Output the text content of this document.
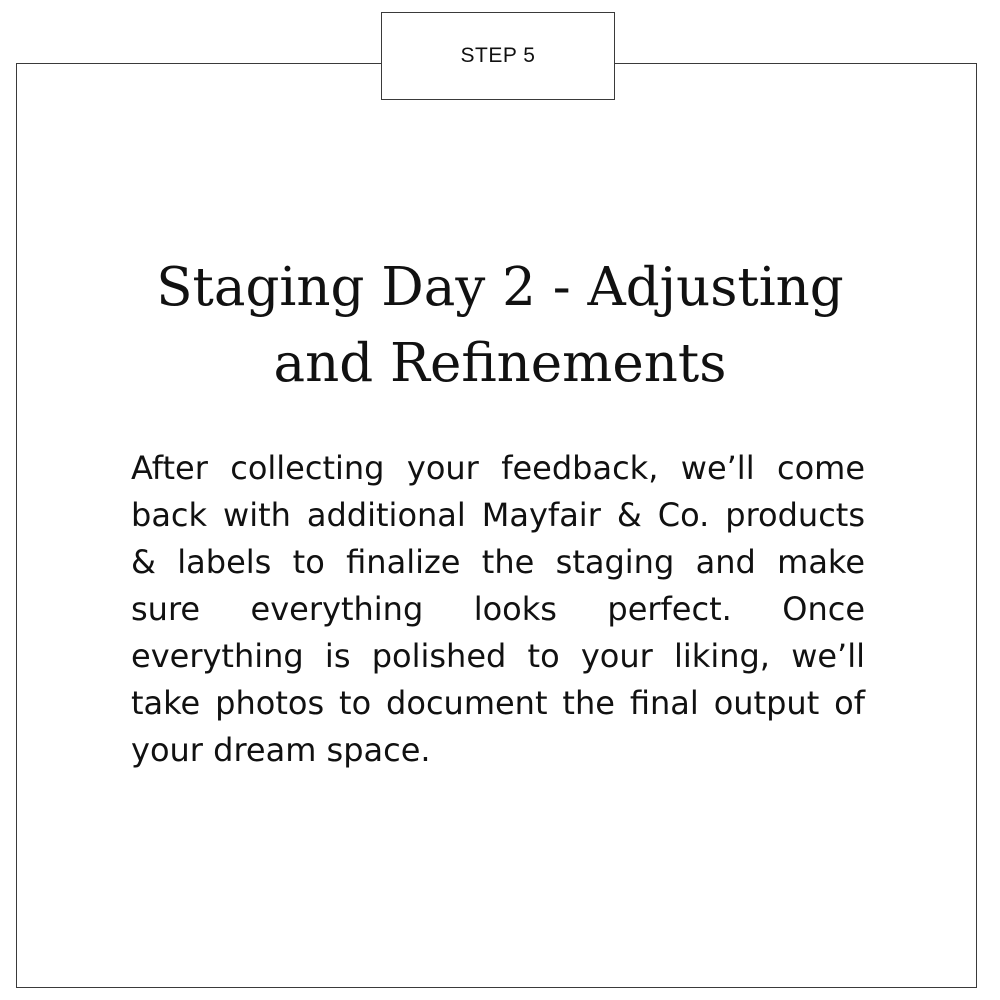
STEP 5
Staging Day 2 - Adjusting and Refinements

After collecting your feedback, we’ll come back with additional Mayfair & Co. products & labels to finalize the staging and make sure everything looks perfect. Once everything is polished to your liking, we’ll take photos to document the final output of your dream space.
